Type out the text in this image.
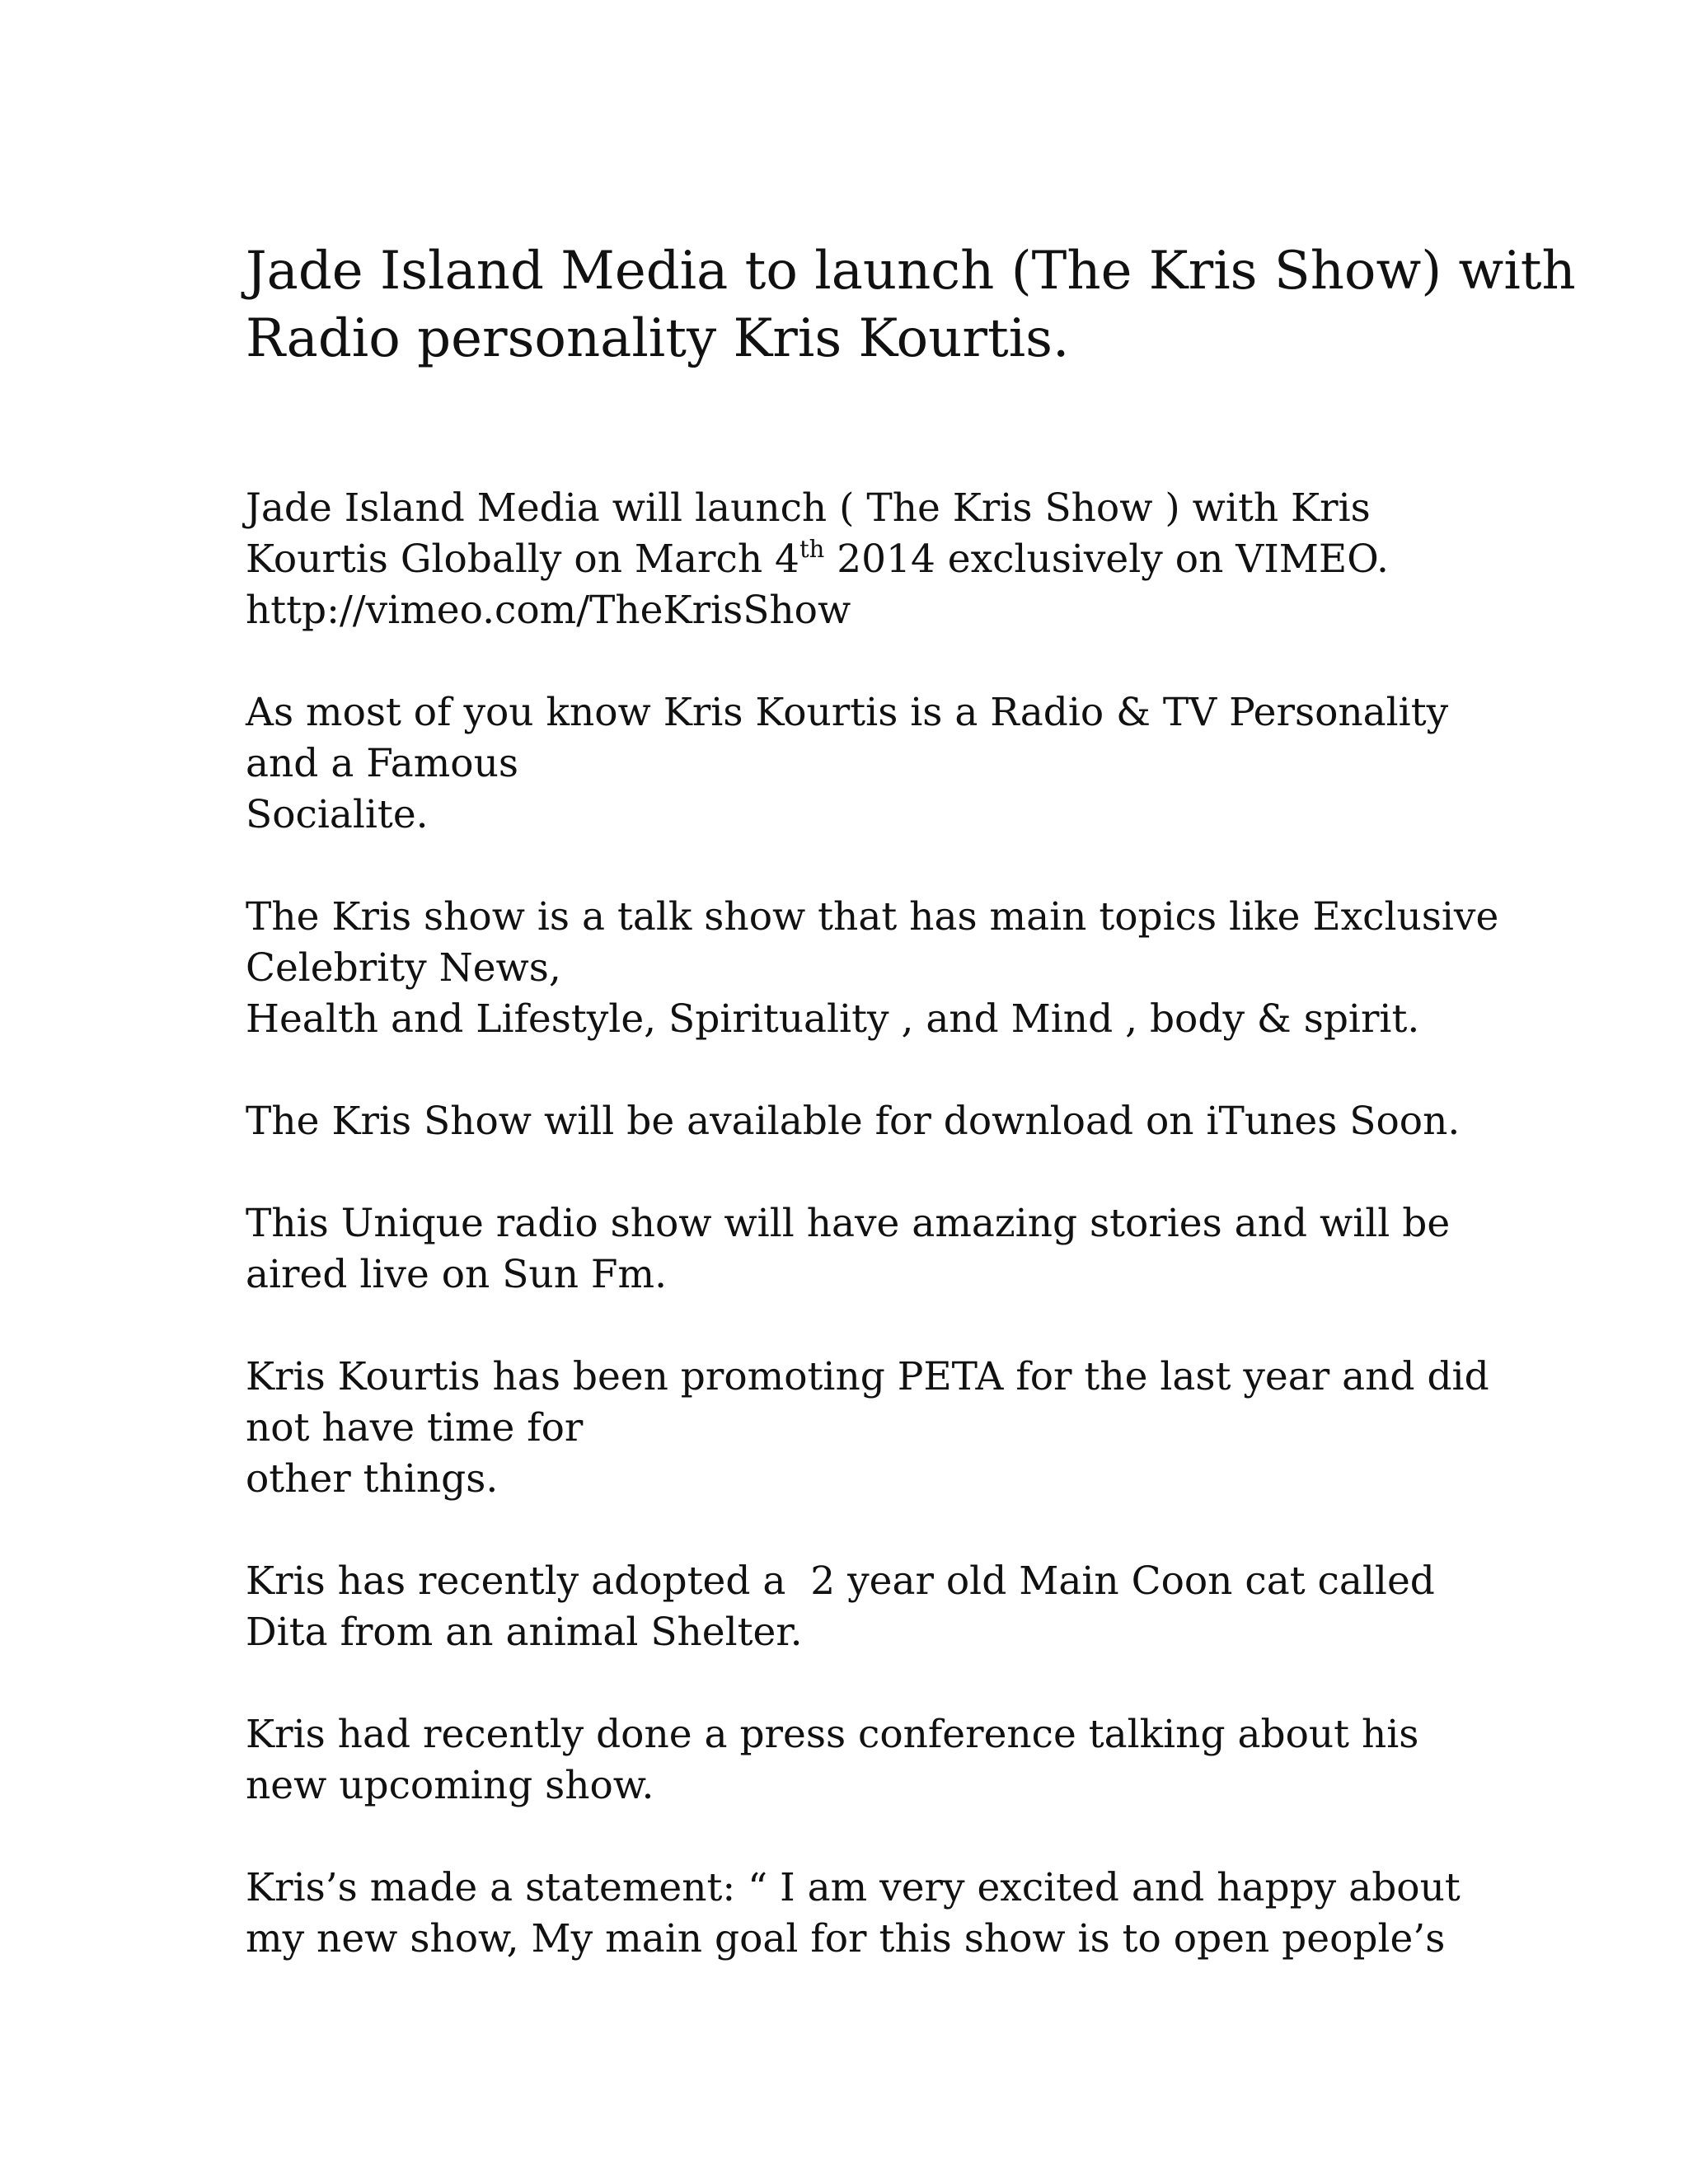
Jade Island Media to launch (The Kris Show) with
Radio personality Kris Kourtis.
Jade Island Media will launch ( The Kris Show ) with Kris
Kourtis Globally on March 4th 2014 exclusively on VIMEO.
http://vimeo.com/TheKrisShow
As most of you know Kris Kourtis is a Radio & TV Personality
and a Famous
Socialite.
The Kris show is a talk show that has main topics like Exclusive
Celebrity News,
Health and Lifestyle, Spirituality , and Mind , body & spirit.
The Kris Show will be available for download on iTunes Soon.
This Unique radio show will have amazing stories and will be
aired live on Sun Fm.
Kris Kourtis has been promoting PETA for the last year and did
not have time for
other things.
Kris has recently adopted a  2 year old Main Coon cat called
Dita from an animal Shelter.
Kris had recently done a press conference talking about his
new upcoming show.
Kris’s made a statement: “ I am very excited and happy about
my new show, My main goal for this show is to open people’s
